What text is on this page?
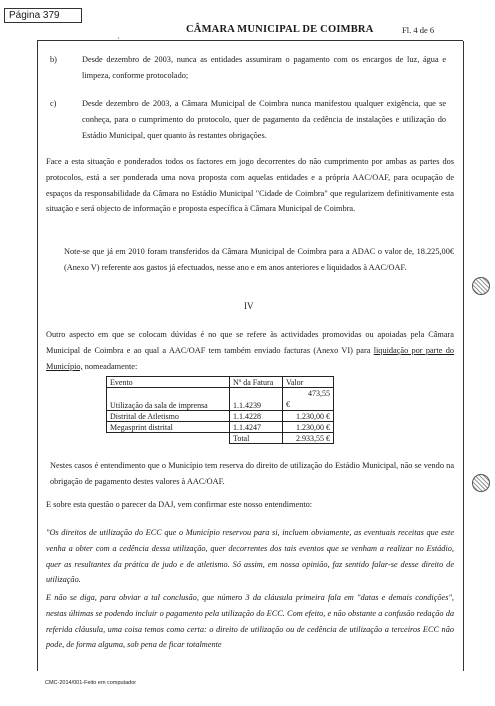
Página 379
CÂMARA MUNICIPAL DE COIMBRA	Fl. 4 de 6
·
b)	Desde dezembro de 2003, nunca as entidades assumiram o pagamento com os encargos de luz, água e limpeza, conforme protocolado;

c)	Desde dezembro de 2003, a Câmara Municipal de Coimbra nunca manifestou qualquer exigência, que se conheça, para o cumprimento do protocolo, quer de pagamento da cedência de instalações e utilização do Estádio Municipal, quer quanto às restantes obrigações.

Face a esta situação e ponderados todos os factores em jogo decorrentes do não cumprimento por ambas as partes dos protocolos, está a ser ponderada uma nova proposta com aquelas entidades e a própria AAC/OAF, para ocupação de espaços da responsabilidade da Câmara no Estádio Municipal "Cidade de Coimbra" que regularizem definitivamente esta situação e será objecto de informação e proposta específica à Câmara Municipal de Coimbra.

Note-se que já em 2010 foram transferidos da Câmara Municipal de Coimbra para a ADAC o valor de, 18.225,00€ (Anexo V) referente aos gastos já efectuados, nesse ano e em anos anteriores e liquidados à AAC/OAF.

IV

Outro aspecto em que se colocam dúvidas é no que se refere às actividades promovidas ou apoiadas pela Câmara Municipal de Coimbra e ao qual a AAC/OAF tem também enviado facturas (Anexo VI) para liquidação por parte do Município, nomeadamente:

Evento	Nº da Fatura	Valor
Utilização da sala de imprensa	1.1.4239	473,55
€

Distrital de Atletismo	1.1.4228	1.230,00 €
Megasprint distrital	1.1.4247	1.230,00 €
	Total	2.933,55 €

Nestes casos é entendimento que o Município tem reserva do direito de utilização do Estádio Municipal, não se vendo na obrigação de pagamento destes valores à AAC/OAF.

E sobre esta questão o parecer da DAJ, vem confirmar este nosso entendimento:

"Os direitos de utilização do ECC que o Município reservou para si, incluem obviamente, as eventuais receitas que este venha a obter com a cedência dessa utilização, quer decorrentes dos tais eventos que se venham a realizar no Estádio, quer as resultantes da prática de judo e de atletismo. Só assim, em nossa opinião, faz sentido falar-se desse direito de utilização.

E não se diga, para obviar a tal conclusão, que número 3 da cláusula primeira fala em "datas e demais condições", nestas últimas se podendo incluir o pagamento pela utilização do ECC. Com efeito, e não obstante a confusão redação da referida cláusula, uma coisa temos como certa: o direito de utilização ou de cedência de utilização a terceiros ECC não pode, de forma alguma, sob pena de ficar totalmente

CMC-2014/001-Feito em computador
